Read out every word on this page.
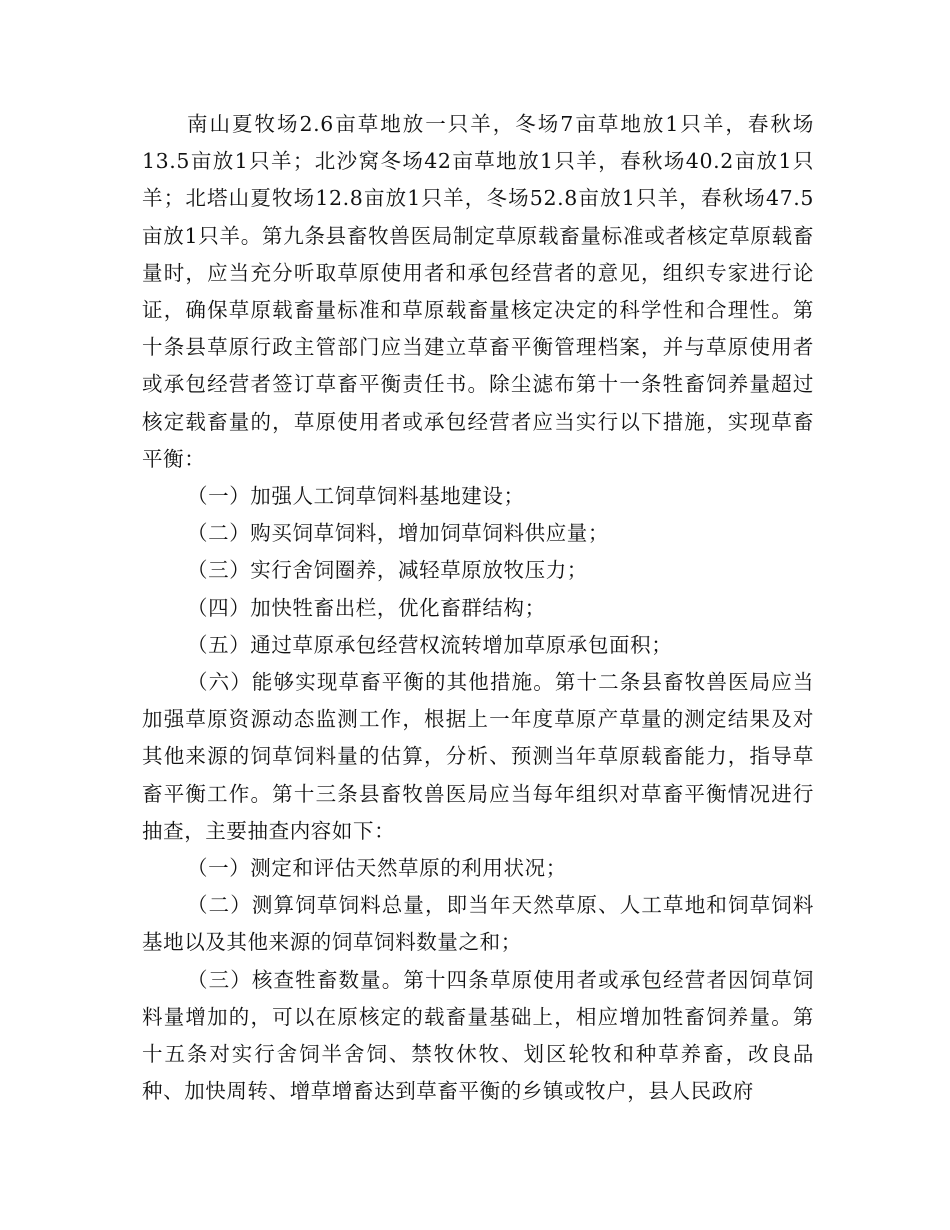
南山夏牧场2.6亩草地放一只羊，冬场7亩草地放1只羊，春秋场13.5亩放1只羊；北沙窝冬场42亩草地放1只羊，春秋场40.2亩放1只羊；北塔山夏牧场12.8亩放1只羊，冬场52.8亩放1只羊，春秋场47.5亩放1只羊。第九条县畜牧兽医局制定草原载畜量标准或者核定草原载畜量时，应当充分听取草原使用者和承包经营者的意见，组织专家进行论证，确保草原载畜量标准和草原载畜量核定决定的科学性和合理性。第十条县草原行政主管部门应当建立草畜平衡管理档案，并与草原使用者或承包经营者签订草畜平衡责任书。除尘滤布第十一条牲畜饲养量超过核定载畜量的，草原使用者或承包经营者应当实行以下措施，实现草畜平衡：

（一）加强人工饲草饲料基地建设；

（二）购买饲草饲料，增加饲草饲料供应量；

（三）实行舍饲圈养，减轻草原放牧压力；

（四）加快牲畜出栏，优化畜群结构；

（五）通过草原承包经营权流转增加草原承包面积；

（六）能够实现草畜平衡的其他措施。第十二条县畜牧兽医局应当加强草原资源动态监测工作，根据上一年度草原产草量的测定结果及对其他来源的饲草饲料量的估算，分析、预测当年草原载畜能力，指导草畜平衡工作。第十三条县畜牧兽医局应当每年组织对草畜平衡情况进行抽查，主要抽查内容如下：

（一）测定和评估天然草原的利用状况；

（二）测算饲草饲料总量，即当年天然草原、人工草地和饲草饲料基地以及其他来源的饲草饲料数量之和；

（三）核查牲畜数量。第十四条草原使用者或承包经营者因饲草饲料量增加的，可以在原核定的载畜量基础上，相应增加牲畜饲养量。第十五条对实行舍饲半舍饲、禁牧休牧、划区轮牧和种草养畜，改良品种、加快周转、增草增畜达到草畜平衡的乡镇或牧户，县人民政府
